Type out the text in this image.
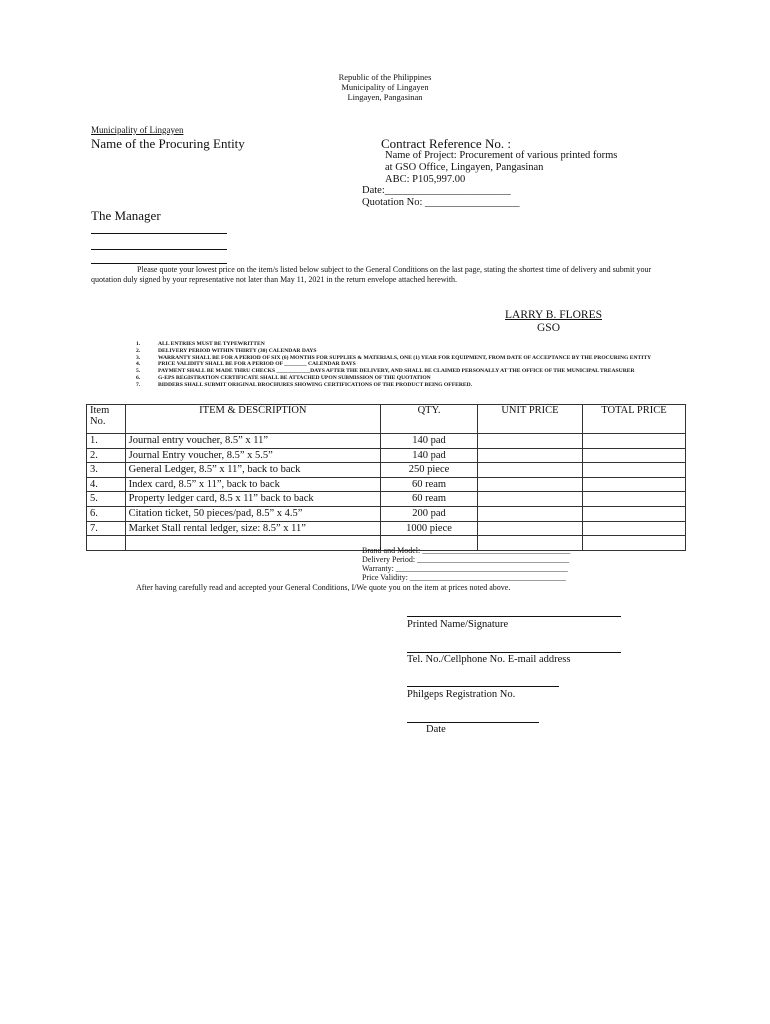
Republic of the Philippines
Municipality of Lingayen
Lingayen, Pangasinan
Municipality of Lingayen
Name of the Procuring Entity	Contract Reference No. :
Name of Project: Procurement of various printed forms
at GSO Office, Lingayen, Pangasinan
ABC: P105,997.00
Date:________________________
Quotation No: __________________
The Manager
Please quote your lowest price on the item/s listed below subject to the General Conditions on the last page, stating the shortest time of delivery and submit your quotation duly signed by your representative not later than May 11, 2021 in the return envelope attached herewith.
LARRY B. FLORES
GSO
1.	ALL ENTRIES MUST BE TYPEWRITTEN
2.	DELIVERY PERIOD WITHIN THIRTY (30) CALENDAR DAYS
3.	WARRANTY SHALL BE FOR A PERIOD OF SIX (6) MONTHS FOR SUPPLIES & MATERIALS, ONE (1) YEAR FOR EQUIPMENT, FROM DATE OF ACCEPTANCE BY THE PROCURING ENTITY
4.	PRICE VALIDITY SHALL BE FOR A PERIOD OF ________ CALENDAR DAYS
5.	PAYMENT SHALL BE MADE THRU CHECKS ____________DAYS AFTER THE DELIVERY, AND SHALL BE CLAIMED PERSONALLY AT THE OFFICE OF THE MUNICIPAL TREASURER
6.	G-EPS REGISTRATION CERTIFICATE SHALL BE ATTACHED UPON SUBMISSION OF THE QUOTATION
7.	BIDDERS SHALL SUBMIT ORIGINAL BROCHURES SHOWING CERTIFICATIONS OF THE PRODUCT BEING OFFERED.
Item No.	ITEM & DESCRIPTION	QTY.	UNIT PRICE	TOTAL PRICE
1.	Journal entry voucher, 8.5” x 11”	140 pad		
2.	Journal Entry voucher, 8.5” x 5.5”	140 pad		
3.	General Ledger, 8.5” x 11”, back to back	250 piece		
4.	Index card, 8.5” x 11”, back to back	60 ream		
5.	Property ledger card, 8.5 x 11” back to back	60 ream		
6.	Citation ticket, 50 pieces/pad, 8.5” x 4.5”	200 pad		
7.	Market Stall rental ledger, size: 8.5” x 11”	1000 piece		

Brand and Model: _____________________________________
Delivery Period: ______________________________________
Warranty: ___________________________________________
Price Validity: _______________________________________
After having carefully read and accepted your General Conditions, I/We quote you on the item at prices noted above.
Printed Name/Signature
Tel. No./Cellphone No. E-mail address
Philgeps Registration No.
Date
